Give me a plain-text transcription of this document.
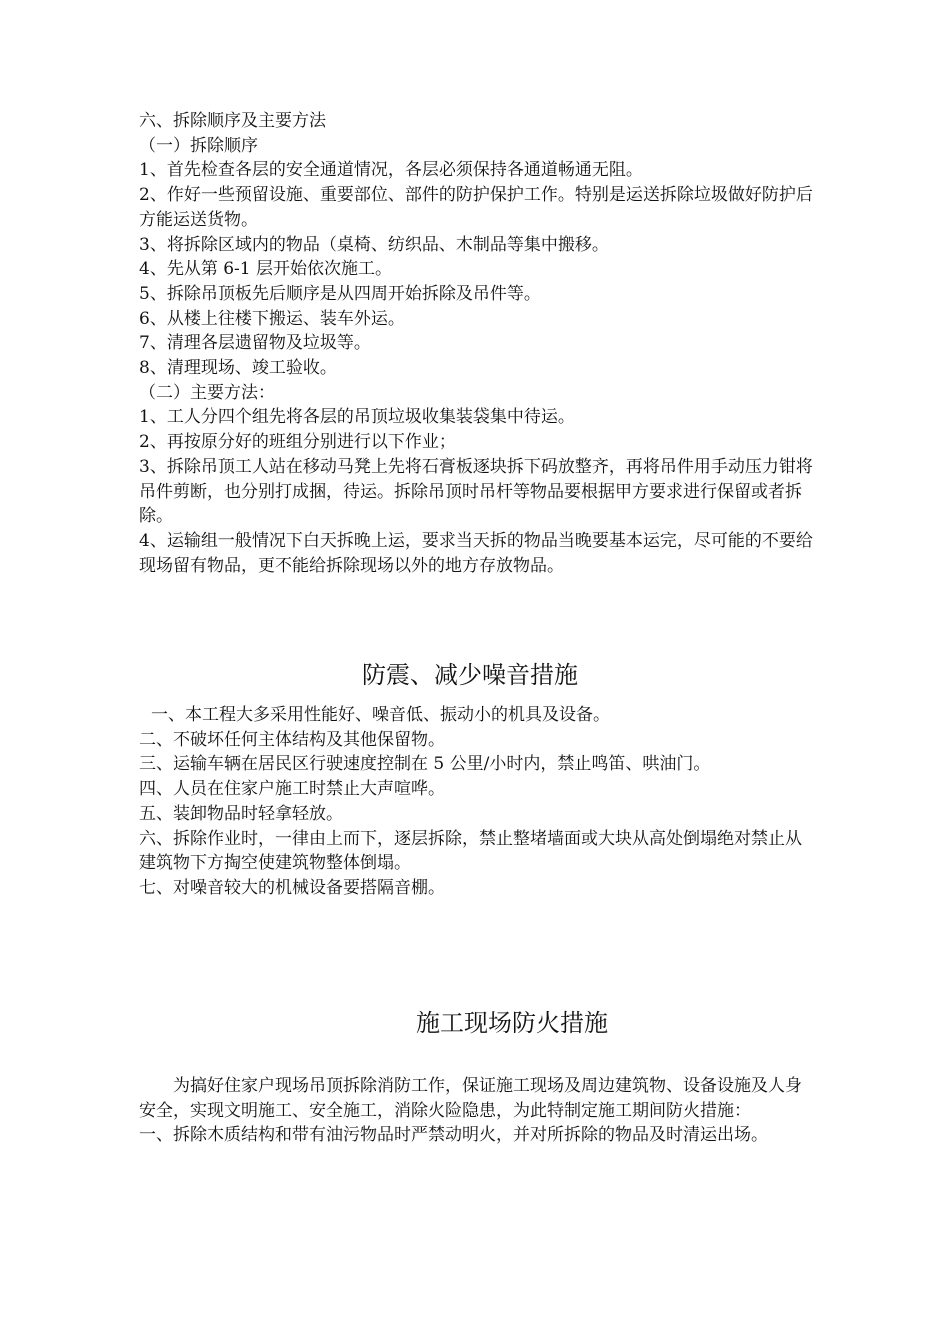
六、拆除顺序及主要方法

（一）拆除顺序

1、首先检查各层的安全通道情况，各层必须保持各通道畅通无阻。

2、作好一些预留设施、重要部位、部件的防护保护工作。特别是运送拆除垃圾做好防护后方能运送货物。

3、将拆除区域内的物品（桌椅、纺织品、木制品等集中搬移。

4、先从第 6-1 层开始依次施工。

5、拆除吊顶板先后顺序是从四周开始拆除及吊件等。

6、从楼上往楼下搬运、装车外运。

7、清理各层遗留物及垃圾等。

8、清理现场、竣工验收。

（二）主要方法：

1、工人分四个组先将各层的吊顶垃圾收集装袋集中待运。

2、再按原分好的班组分别进行以下作业；

3、拆除吊顶工人站在移动马凳上先将石膏板逐块拆下码放整齐，再将吊件用手动压力钳将吊件剪断，也分别打成捆，待运。拆除吊顶时吊杆等物品要根据甲方要求进行保留或者拆除。

4、运输组一般情况下白天拆晚上运，要求当天拆的物品当晚要基本运完，尽可能的不要给现场留有物品，更不能给拆除现场以外的地方存放物品。

防震、减少噪音措施

一、本工程大多采用性能好、噪音低、振动小的机具及设备。

二、不破坏任何主体结构及其他保留物。

三、运输车辆在居民区行驶速度控制在 5 公里/小时内，禁止鸣笛、哄油门。

四、人员在住家户施工时禁止大声喧哗。

五、装卸物品时轻拿轻放。

六、拆除作业时，一律由上而下，逐层拆除，禁止整堵墙面或大块从高处倒塌绝对禁止从建筑物下方掏空使建筑物整体倒塌。

七、对噪音较大的机械设备要搭隔音棚。

施工现场防火措施

为搞好住家户现场吊顶拆除消防工作，保证施工现场及周边建筑物、设备设施及人身安全，实现文明施工、安全施工，消除火险隐患，为此特制定施工期间防火措施：

一、拆除木质结构和带有油污物品时严禁动明火，并对所拆除的物品及时清运出场。
